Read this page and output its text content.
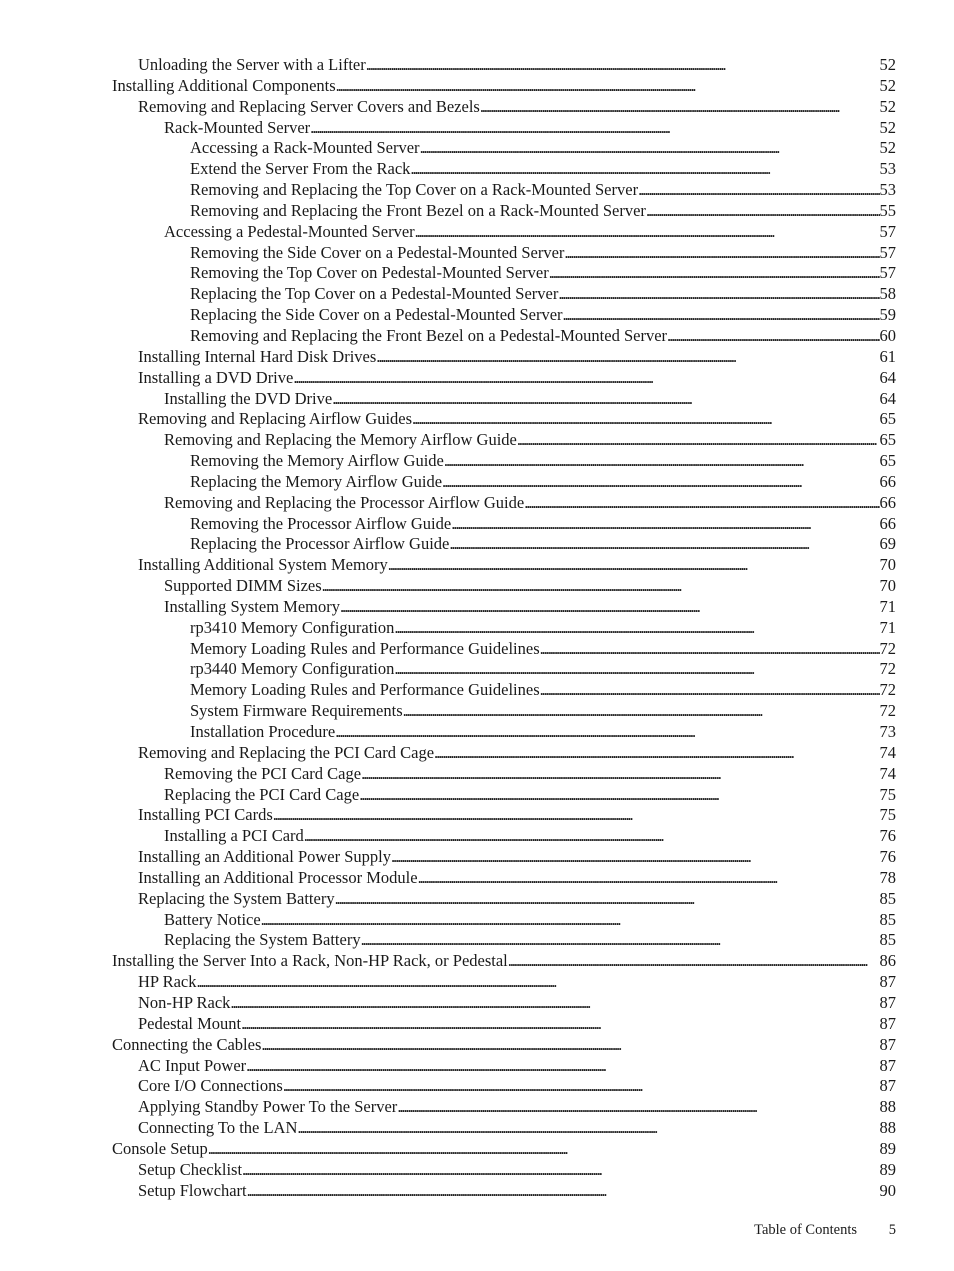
Unloading the Server with a Lifter . . .	52
Installing Additional Components . . .	52
Removing and Replacing Server Covers and Bezels . . .	52
Rack-Mounted Server . . .	52
Accessing a Rack-Mounted Server . . .	52
Extend the Server From the Rack . . .	53
Removing and Replacing the Top Cover on a Rack-Mounted Server . . .	53
Removing and Replacing the Front Bezel on a Rack-Mounted Server . . .	55
Accessing a Pedestal-Mounted Server . . .	57
Removing the Side Cover on a Pedestal-Mounted Server . . .	57
Removing the Top Cover on Pedestal-Mounted Server . . .	57
Replacing the Top Cover on a Pedestal-Mounted Server . . .	58
Replacing the Side Cover on a Pedestal-Mounted Server . . .	59
Removing and Replacing the Front Bezel on a Pedestal-Mounted Server . . .	60
Installing Internal Hard Disk Drives . . .	61
Installing a DVD Drive . . .	64
Installing the DVD Drive . . .	64
Removing and Replacing Airflow Guides . . .	65
Removing and Replacing the Memory Airflow Guide . . .	65
Removing the Memory Airflow Guide . . .	65
Replacing the Memory Airflow Guide . . .	66
Removing and Replacing the Processor Airflow Guide . . .	66
Removing the Processor Airflow Guide . . .	66
Replacing the Processor Airflow Guide . . .	69
Installing Additional System Memory . . .	70
Supported DIMM Sizes . . .	70
Installing System Memory . . .	71
rp3410 Memory Configuration . . .	71
Memory Loading Rules and Performance Guidelines . . .	72
rp3440 Memory Configuration . . .	72
Memory Loading Rules and Performance Guidelines . . .	72
System Firmware Requirements . . .	72
Installation Procedure . . .	73
Removing and Replacing the PCI Card Cage . . .	74
Removing the PCI Card Cage . . .	74
Replacing the PCI Card Cage . . .	75
Installing PCI Cards . . .	75
Installing a PCI Card . . .	76
Installing an Additional Power Supply . . .	76
Installing an Additional Processor Module . . .	78
Replacing the System Battery . . .	85
Battery Notice . . .	85
Replacing the System Battery . . .	85
Installing the Server Into a Rack, Non-HP Rack, or Pedestal . . .	86
HP Rack . . .	87
Non-HP Rack . . .	87
Pedestal Mount . . .	87
Connecting the Cables . . .	87
AC Input Power . . .	87
Core I/O Connections . . .	87
Applying Standby Power To the Server . . .	88
Connecting To the LAN . . .	88
Console Setup . . .	89
Setup Checklist . . .	89
Setup Flowchart . . .	90
Table of Contents 5
